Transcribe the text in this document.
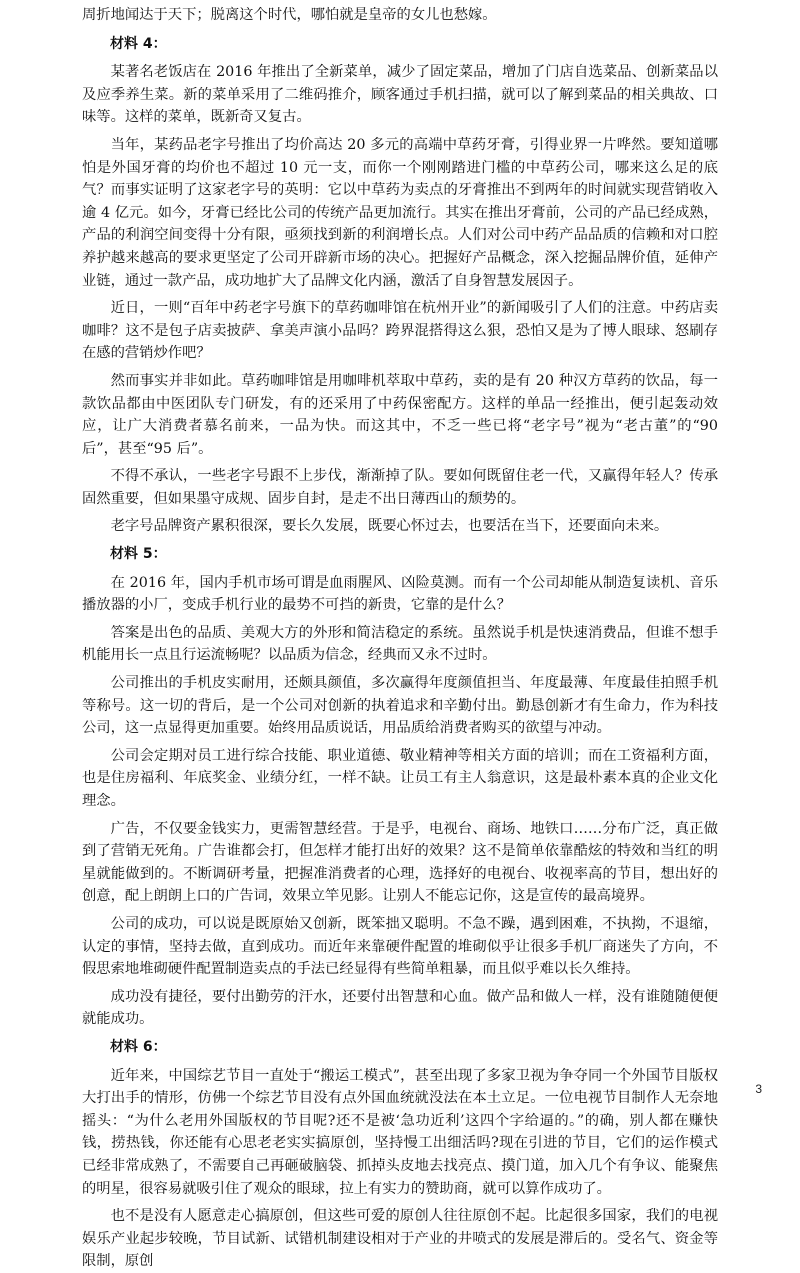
周折地闻达于天下；脱离这个时代，哪怕就是皇帝的女儿也愁嫁。

材料 4：

某著名老饭店在 2016 年推出了全新菜单，减少了固定菜品，增加了门店自选菜品、创新菜品以及应季养生菜。新的菜单采用了二维码推介，顾客通过手机扫描，就可以了解到菜品的相关典故、口味等。这样的菜单，既新奇又复古。

当年，某药品老字号推出了均价高达 20 多元的高端中草药牙膏，引得业界一片哗然。要知道哪怕是外国牙膏的均价也不超过 10 元一支，而你一个刚刚踏进门槛的中草药公司，哪来这么足的底气？而事实证明了这家老字号的英明：它以中草药为卖点的牙膏推出不到两年的时间就实现营销收入逾 4 亿元。如今，牙膏已经比公司的传统产品更加流行。其实在推出牙膏前，公司的产品已经成熟，产品的利润空间变得十分有限，亟须找到新的利润增长点。人们对公司中药产品品质的信赖和对口腔养护越来越高的要求更坚定了公司开辟新市场的决心。把握好产品概念，深入挖掘品牌价值，延伸产业链，通过一款产品，成功地扩大了品牌文化内涵，激活了自身智慧发展因子。

近日，一则“百年中药老字号旗下的草药咖啡馆在杭州开业”的新闻吸引了人们的注意。中药店卖咖啡？这不是包子店卖披萨、拿美声演小品吗？跨界混搭得这么狠，恐怕又是为了博人眼球、怒刷存在感的营销炒作吧？

然而事实并非如此。草药咖啡馆是用咖啡机萃取中草药，卖的是有 20 种汉方草药的饮品，每一款饮品都由中医团队专门研发，有的还采用了中药保密配方。这样的单品一经推出，便引起轰动效应，让广大消费者慕名前来，一品为快。而这其中，不乏一些已将“老字号”视为“老古董”的“90 后”，甚至“95 后”。

不得不承认，一些老字号跟不上步伐，渐渐掉了队。要如何既留住老一代，又赢得年轻人？传承固然重要，但如果墨守成规、固步自封，是走不出日薄西山的颓势的。

老字号品牌资产累积很深，要长久发展，既要心怀过去，也要活在当下，还要面向未来。

材料 5：

在 2016 年，国内手机市场可谓是血雨腥风、凶险莫测。而有一个公司却能从制造复读机、音乐播放器的小厂，变成手机行业的最势不可挡的新贵，它靠的是什么？

答案是出色的品质、美观大方的外形和简洁稳定的系统。虽然说手机是快速消费品，但谁不想手机能用长一点且行运流畅呢？以品质为信念，经典而又永不过时。

公司推出的手机皮实耐用，还颇具颜值，多次赢得年度颜值担当、年度最薄、年度最佳拍照手机等称号。这一切的背后，是一个公司对创新的执着追求和辛勤付出。勤恳创新才有生命力，作为科技公司，这一点显得更加重要。始终用品质说话，用品质给消费者购买的欲望与冲动。

公司会定期对员工进行综合技能、职业道德、敬业精神等相关方面的培训；而在工资福利方面，也是住房福利、年底奖金、业绩分红，一样不缺。让员工有主人翁意识，这是最朴素本真的企业文化理念。

广告，不仅要金钱实力，更需智慧经营。于是乎，电视台、商场、地铁口……分布广泛，真正做到了营销无死角。广告谁都会打，但怎样才能打出好的效果？这不是简单依靠酷炫的特效和当红的明星就能做到的。不断调研考量，把握准消费者的心理，选择好的电视台、收视率高的节目，想出好的创意，配上朗朗上口的广告词，效果立竿见影。让别人不能忘记你，这是宣传的最高境界。

公司的成功，可以说是既原始又创新，既笨拙又聪明。不急不躁，遇到困难，不执拗，不退缩，认定的事情，坚持去做，直到成功。而近年来靠硬件配置的堆砌似乎让很多手机厂商迷失了方向，不假思索地堆砌硬件配置制造卖点的手法已经显得有些简单粗暴，而且似乎难以长久维持。

成功没有捷径，要付出勤劳的汗水，还要付出智慧和心血。做产品和做人一样，没有谁随随便便就能成功。

材料 6：

近年来，中国综艺节目一直处于“搬运工模式”，甚至出现了多家卫视为争夺同一个外国节目版权大打出手的情形，仿佛一个综艺节目没有点外国血统就没法在本土立足。一位电视节目制作人无奈地摇头：“为什么老用外国版权的节目呢?还不是被‘急功近利’这四个字给逼的。”的确，别人都在赚快钱，捞热钱，你还能有心思老老实实搞原创，坚持慢工出细活吗?现在引进的节目，它们的运作模式已经非常成熟了，不需要自己再砸破脑袋、抓掉头皮地去找亮点、摸门道，加入几个有争议、能聚焦的明星，很容易就吸引住了观众的眼球，拉上有实力的赞助商，就可以算作成功了。

也不是没有人愿意走心搞原创，但这些可爱的原创人往往原创不起。比起很多国家，我们的电视娱乐产业起步较晚，节目试新、试错机制建设相对于产业的井喷式的发展是滞后的。受名气、资金等限制，原创

3
